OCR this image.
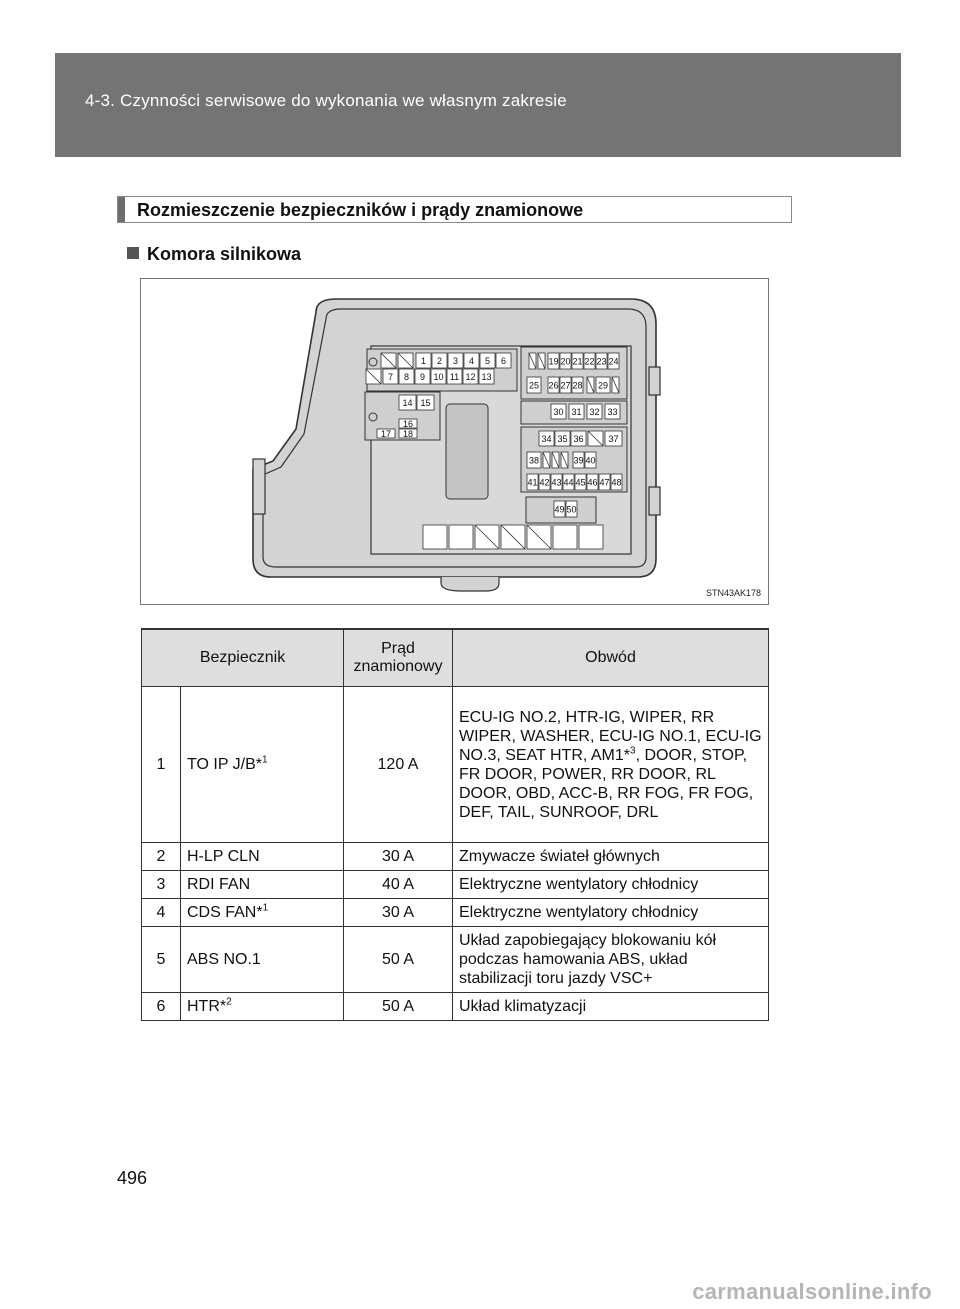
4-3. Czynności serwisowe do wykonania we własnym zakresie
Rozmieszczenie bezpieczników i prądy znamionowe
Komora silnikowa
1 2 3 4 5 6
7 8 9 10 11 12 13
14 15
16
17 18
19 20 21 22 23 24
25 26 27 28 29
30 31 32 33
34 35 36	37
38	39 40
41 42 43 44 45 46 47 48
49 50
STN43AK178
Bezpiecznik		Prąd znamionowy	Obwód
1	TO IP J/B*$^1$	120 A	ECU-IG NO.2, HTR-IG, WIPER, RR WIPER, WASHER, ECU-IG NO.1, ECU-IG NO.3, SEAT HTR, AM1*$^3$, DOOR, STOP, FR DOOR, POWER, RR DOOR, RL DOOR, OBD, ACC-B, RR FOG, FR FOG, DEF, TAIL, SUNROOF, DRL
2	H-LP CLN	30 A	Zmywacze świateł głównych
3	RDI FAN	40 A	Elektryczne wentylatory chłodnicy
4	CDS FAN*$^1$	30 A	Elektryczne wentylatory chłodnicy
5	ABS NO.1	50 A	Układ zapobiegający blokowaniu kół podczas hamowania ABS, układ stabilizacji toru jazdy VSC+
6	HTR*$^2$	50 A	Układ klimatyzacji
496
carmanualsonline.info
